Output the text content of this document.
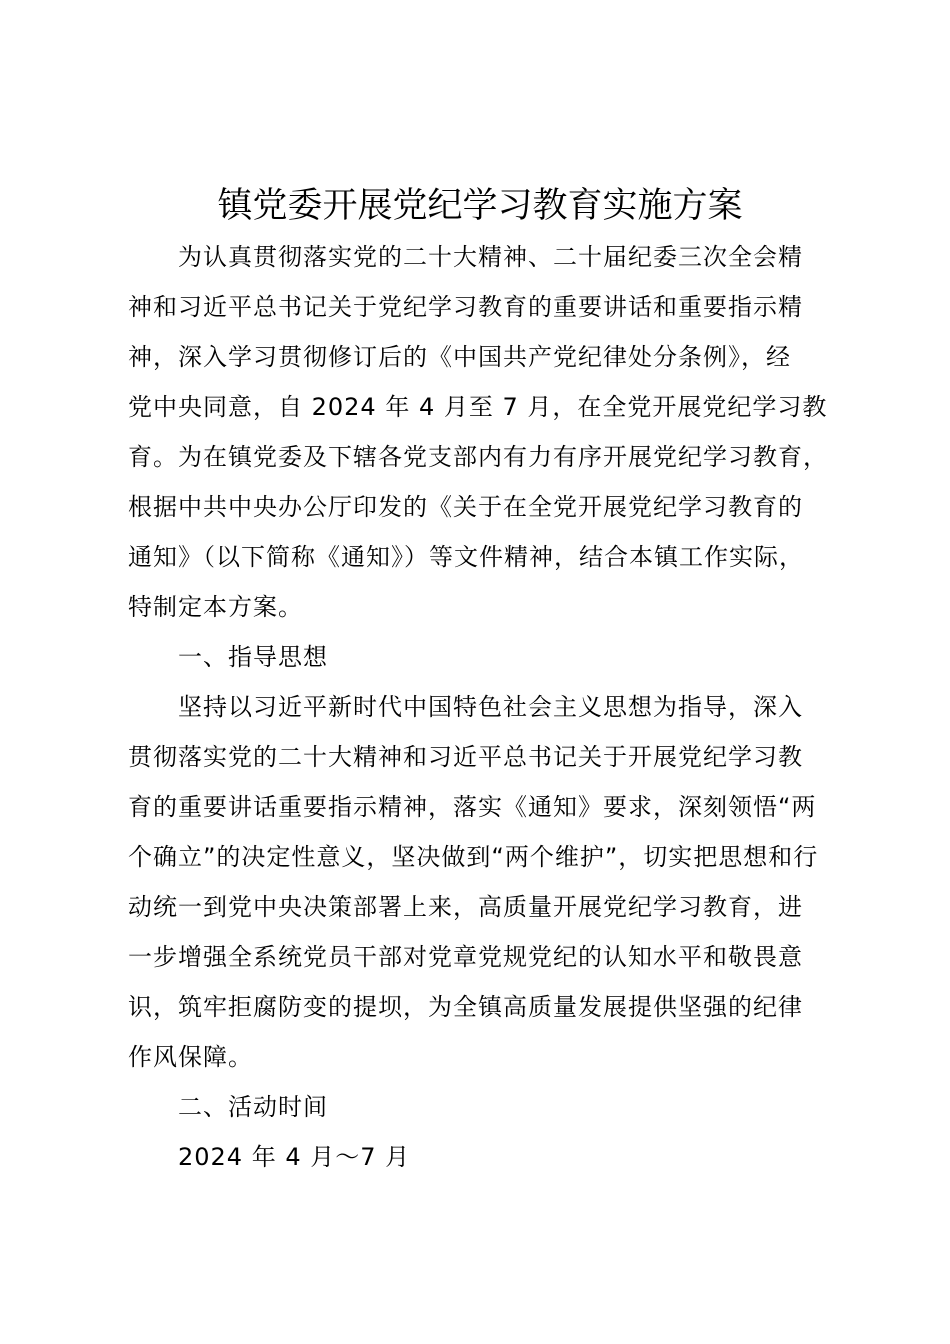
镇党委开展党纪学习教育实施方案

为认真贯彻落实党的二十大精神、二十届纪委三次全会精
神和习近平总书记关于党纪学习教育的重要讲话和重要指示精
神，深入学习贯彻修订后的《中国共产党纪律处分条例》，经
党中央同意，自 2024 年 4 月至 7 月，在全党开展党纪学习教
育。为在镇党委及下辖各党支部内有力有序开展党纪学习教育，
根据中共中央办公厅印发的《关于在全党开展党纪学习教育的
通知》（以下简称《通知》）等文件精神，结合本镇工作实际，
特制定本方案。

一、指导思想

坚持以习近平新时代中国特色社会主义思想为指导，深入
贯彻落实党的二十大精神和习近平总书记关于开展党纪学习教
育的重要讲话重要指示精神，落实《通知》要求，深刻领悟“两
个确立”的决定性意义，坚决做到“两个维护”，切实把思想和行
动统一到党中央决策部署上来，高质量开展党纪学习教育，进
一步增强全系统党员干部对党章党规党纪的认知水平和敬畏意
识，筑牢拒腐防变的提坝，为全镇高质量发展提供坚强的纪律
作风保障。

二、活动时间

2024 年 4 月～7 月
